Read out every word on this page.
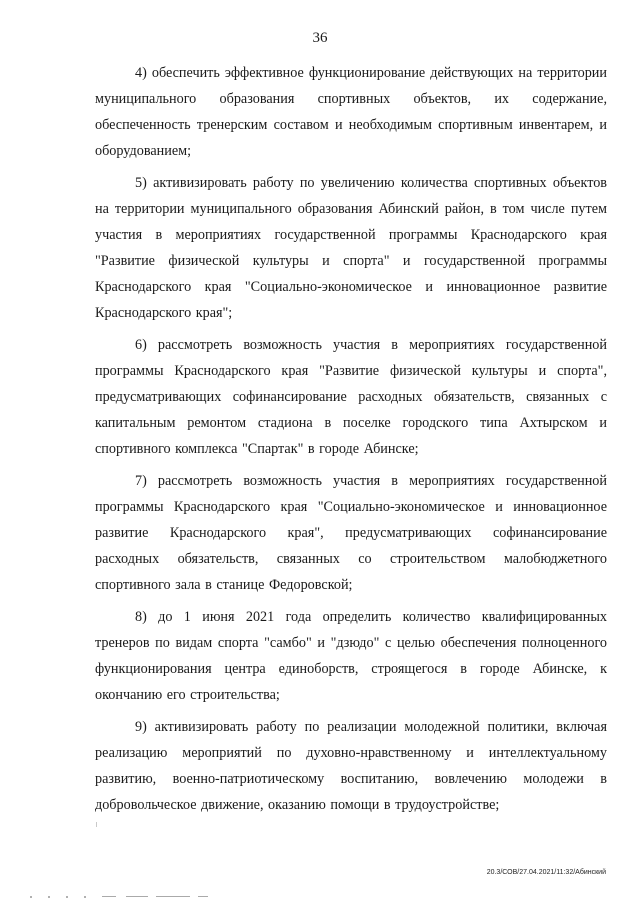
36

4) обеспечить эффективное функционирование действующих на территории муниципального образования спортивных объектов, их содержание, обеспеченность тренерским составом и необходимым спортивным инвентарем, и оборудованием;

5) активизировать работу по увеличению количества спортивных объектов на территории муниципального образования Абинский район, в том числе путем участия в мероприятиях государственной программы Краснодарского края "Развитие физической культуры и спорта" и государственной программы Краснодарского края "Социально-экономическое и инновационное развитие Краснодарского края";

6) рассмотреть возможность участия в мероприятиях государственной программы Краснодарского края "Развитие физической культуры и спорта", предусматривающих софинансирование расходных обязательств, связанных с капитальным ремонтом стадиона в поселке городского типа Ахтырском и спортивного комплекса "Спартак" в городе Абинске;

7) рассмотреть возможность участия в мероприятиях государственной программы Краснодарского края "Социально-экономическое и инновационное развитие Краснодарского края", предусматривающих софинансирование расходных обязательств, связанных со строительством малобюджетного спортивного зала в станице Федоровской;

8) до 1 июня 2021 года определить количество квалифицированных тренеров по видам спорта "самбо" и "дзюдо" с целью обеспечения полноценного функционирования центра единоборств, строящегося в городе Абинске, к окончанию его строительства;

9) активизировать работу по реализации молодежной политики, включая реализацию мероприятий по духовно-нравственному и интеллектуальному развитию, военно-патриотическому воспитанию, вовлечению молодежи в добровольческое движение, оказанию помощи в трудоустройстве;

20.3/СОВ/27.04.2021/11:32/Абинский
